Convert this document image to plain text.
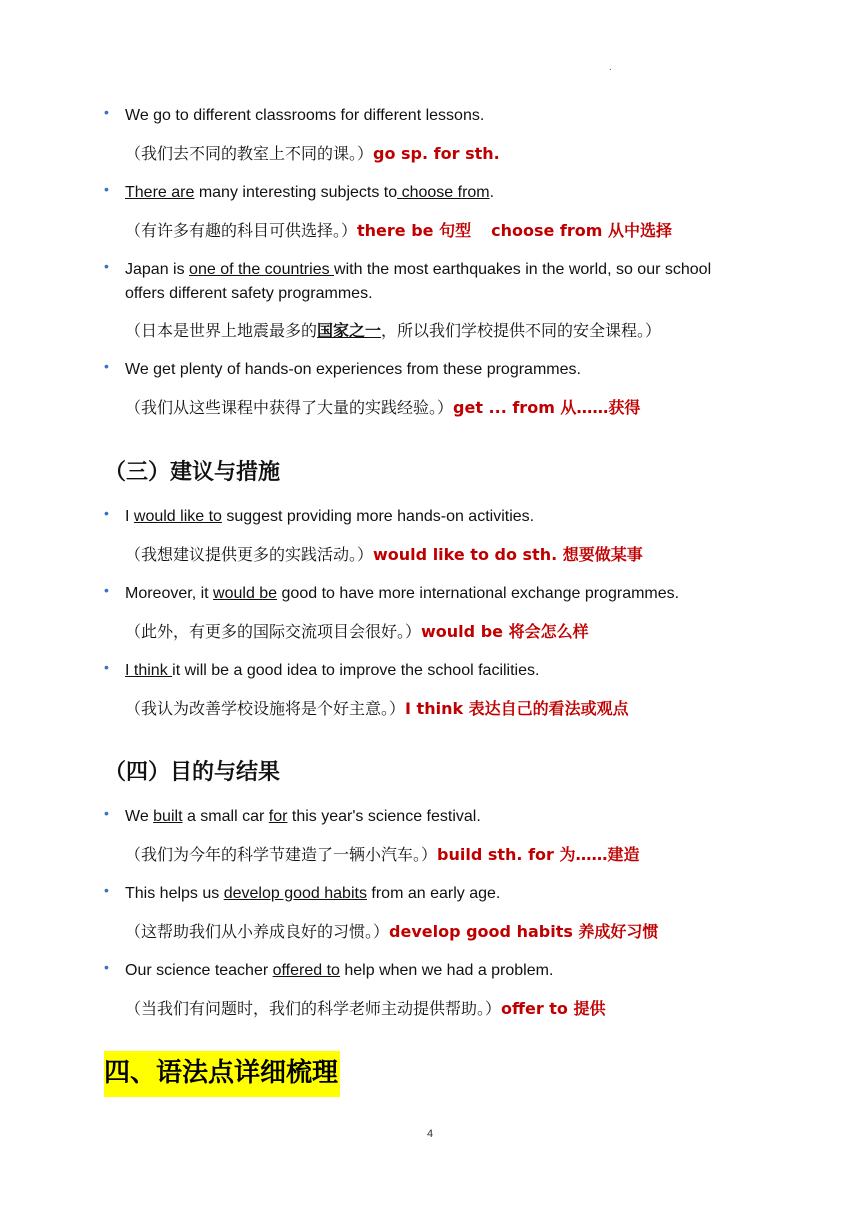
.
• We go to different classrooms for different lessons.
（我们去不同的教室上不同的课。）go sp. for sth.
• There are many interesting subjects to choose from.
（有许多有趣的科目可供选择。）there be 句型 choose from 从中选择
• Japan is one of the countries with the most earthquakes in the world, so our school offers different safety programmes.
（日本是世界上地震最多的国家之一，所以我们学校提供不同的安全课程。）
• We get plenty of hands-on experiences from these programmes.
（我们从这些课程中获得了大量的实践经验。）get ... from 从……获得
（三）建议与措施
• I would like to suggest providing more hands-on activities.
（我想建议提供更多的实践活动。）would like to do sth. 想要做某事
• Moreover, it would be good to have more international exchange programmes.
（此外，有更多的国际交流项目会很好。）would be 将会怎么样
• I think it will be a good idea to improve the school facilities.
（我认为改善学校设施将是个好主意。）I think 表达自己的看法或观点
（四）目的与结果
• We built a small car for this year's science festival.
（我们为今年的科学节建造了一辆小汽车。）build sth. for 为……建造
• This helps us develop good habits from an early age.
（这帮助我们从小养成良好的习惯。）develop good habits 养成好习惯
• Our science teacher offered to help when we had a problem.
（当我们有问题时，我们的科学老师主动提供帮助。）offer to 提供
四、语法点详细梳理
4
